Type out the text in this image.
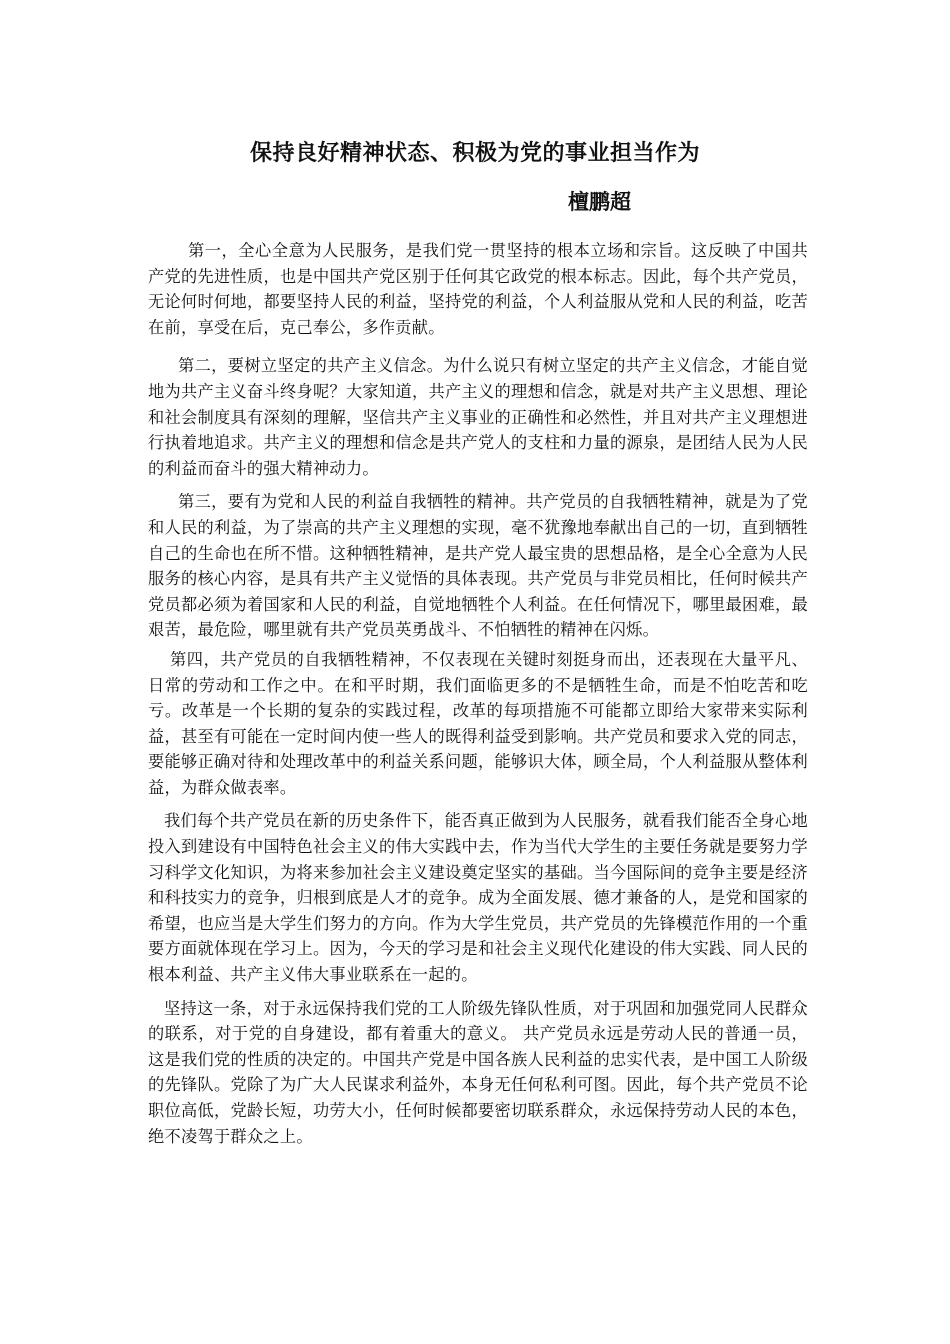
保持良好精神状态、积极为党的事业担当作为
檀鹏超

第一，全心全意为人民服务，是我们党一贯坚持的根本立场和宗旨。这反映了中国共产党的先进性质，也是中国共产党区别于任何其它政党的根本标志。因此，每个共产党员，无论何时何地，都要坚持人民的利益，坚持党的利益，个人利益服从党和人民的利益，吃苦在前，享受在后，克己奉公，多作贡献。

第二，要树立坚定的共产主义信念。为什么说只有树立坚定的共产主义信念，才能自觉地为共产主义奋斗终身呢？大家知道，共产主义的理想和信念，就是对共产主义思想、理论和社会制度具有深刻的理解，坚信共产主义事业的正确性和必然性，并且对共产主义理想进行执着地追求。共产主义的理想和信念是共产党人的支柱和力量的源泉，是团结人民为人民的利益而奋斗的强大精神动力。

第三，要有为党和人民的利益自我牺牲的精神。共产党员的自我牺牲精神，就是为了党和人民的利益，为了崇高的共产主义理想的实现，毫不犹豫地奉献出自己的一切，直到牺牲自己的生命也在所不惜。这种牺牲精神，是共产党人最宝贵的思想品格，是全心全意为人民服务的核心内容，是具有共产主义觉悟的具体表现。共产党员与非党员相比，任何时候共产党员都必须为着国家和人民的利益，自觉地牺牲个人利益。在任何情况下，哪里最困难，最艰苦，最危险，哪里就有共产党员英勇战斗、不怕牺牲的精神在闪烁。

第四，共产党员的自我牺牲精神，不仅表现在关键时刻挺身而出，还表现在大量平凡、日常的劳动和工作之中。在和平时期，我们面临更多的不是牺牲生命，而是不怕吃苦和吃亏。改革是一个长期的复杂的实践过程，改革的每项措施不可能都立即给大家带来实际利益，甚至有可能在一定时间内使一些人的既得利益受到影响。共产党员和要求入党的同志，要能够正确对待和处理改革中的利益关系问题，能够识大体，顾全局，个人利益服从整体利益，为群众做表率。

我们每个共产党员在新的历史条件下，能否真正做到为人民服务，就看我们能否全身心地投入到建设有中国特色社会主义的伟大实践中去，作为当代大学生的主要任务就是要努力学习科学文化知识，为将来参加社会主义建设奠定坚实的基础。当今国际间的竞争主要是经济和科技实力的竞争，归根到底是人才的竞争。成为全面发展、德才兼备的人，是党和国家的希望，也应当是大学生们努力的方向。作为大学生党员，共产党员的先锋模范作用的一个重要方面就体现在学习上。因为，今天的学习是和社会主义现代化建设的伟大实践、同人民的根本利益、共产主义伟大事业联系在一起的。

坚持这一条，对于永远保持我们党的工人阶级先锋队性质，对于巩固和加强党同人民群众的联系，对于党的自身建设，都有着重大的意义。 共产党员永远是劳动人民的普通一员， 这是我们党的性质的决定的。中国共产党是中国各族人民利益的忠实代表，是中国工人阶级的先锋队。党除了为广大人民谋求利益外，本身无任何私利可图。因此，每个共产党员不论职位高低，党龄长短，功劳大小，任何时候都要密切联系群众，永远保持劳动人民的本色，绝不凌驾于群众之上。
